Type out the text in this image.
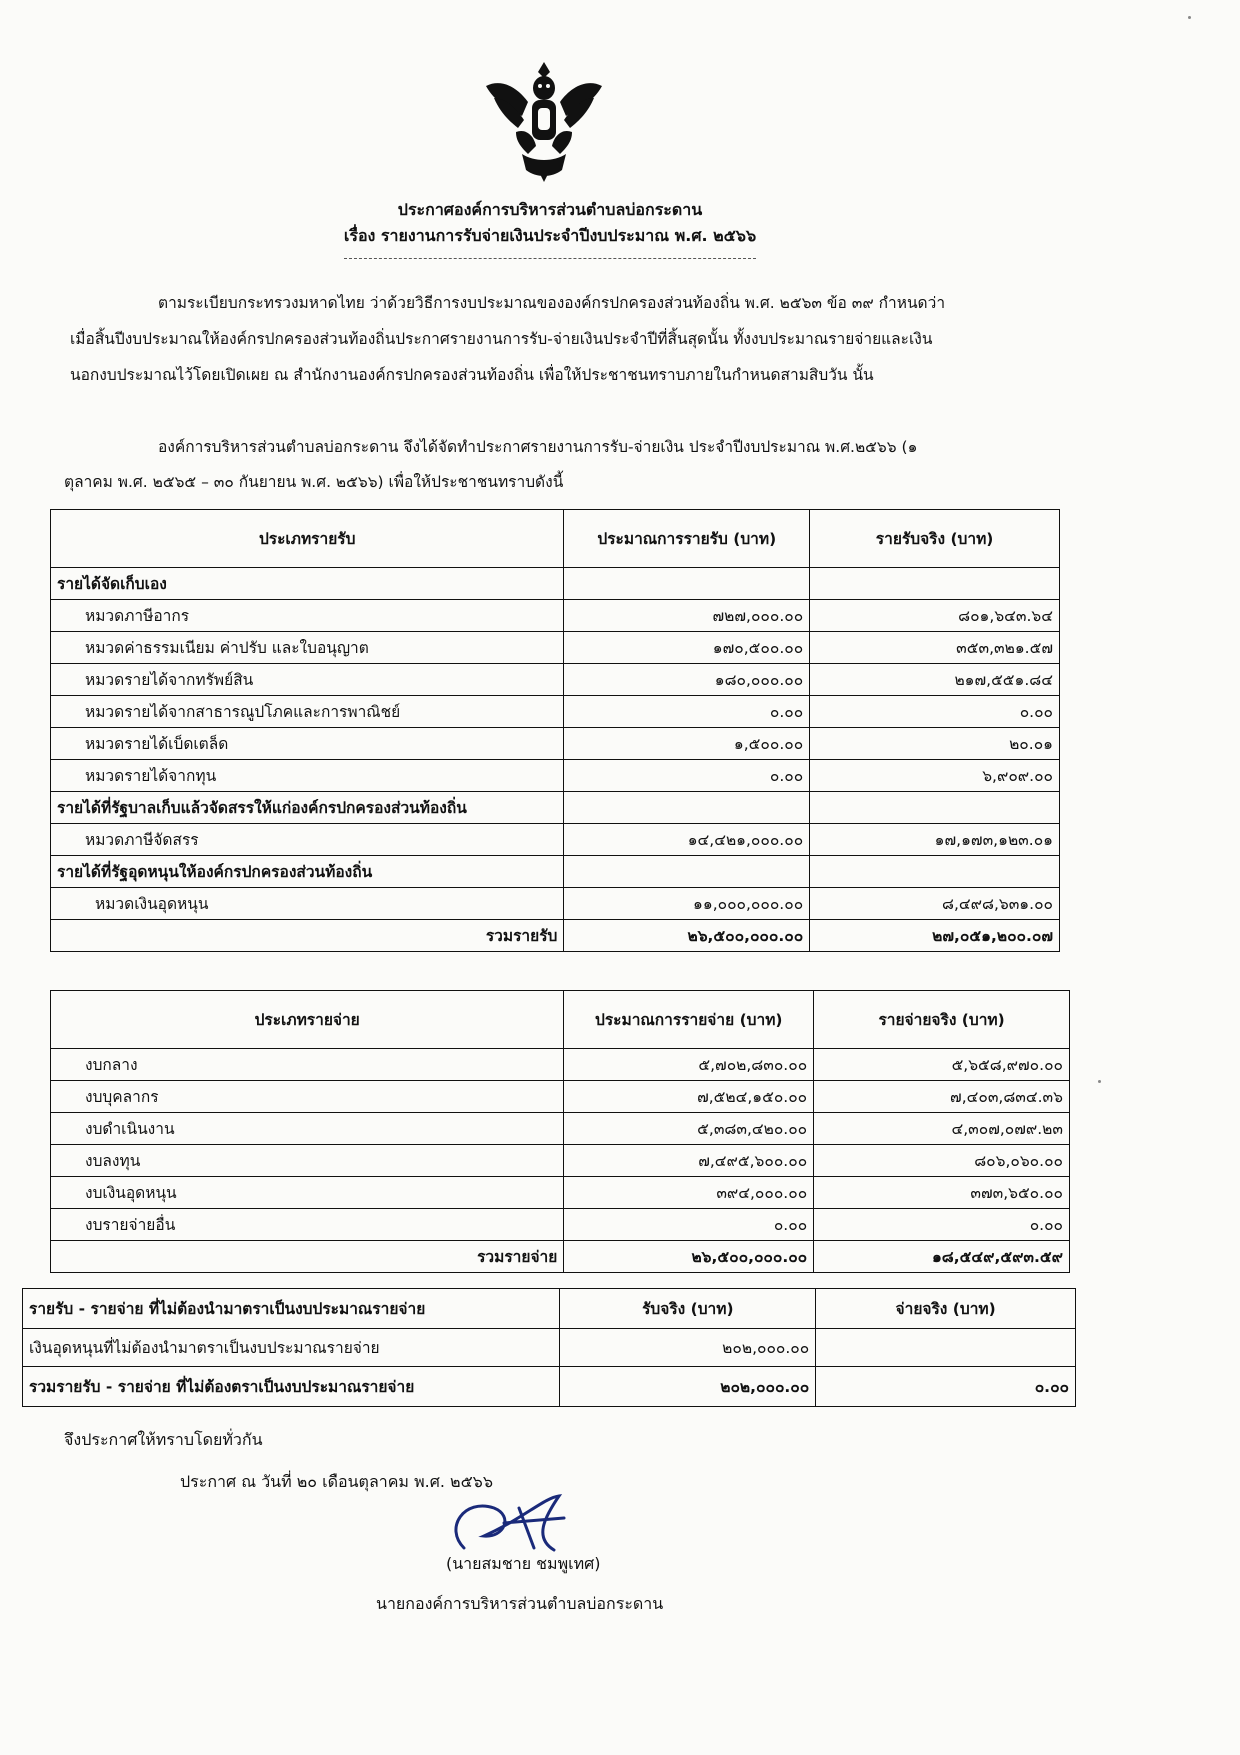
ประกาศองค์การบริหารส่วนตำบลบ่อกระดาน
เรื่อง รายงานการรับจ่ายเงินประจำปีงบประมาณ พ.ศ. ๒๕๖๖
ตามระเบียบกระทรวงมหาดไทย ว่าด้วยวิธีการงบประมาณขององค์กรปกครองส่วนท้องถิ่น พ.ศ. ๒๕๖๓ ข้อ ๓๙ กำหนดว่า
เมื่อสิ้นปีงบประมาณให้องค์กรปกครองส่วนท้องถิ่นประกาศรายงานการรับ-จ่ายเงินประจำปีที่สิ้นสุดนั้น ทั้งงบประมาณรายจ่ายและเงิน
นอกงบประมาณไว้โดยเปิดเผย ณ สำนักงานองค์กรปกครองส่วนท้องถิ่น เพื่อให้ประชาชนทราบภายในกำหนดสามสิบวัน นั้น
องค์การบริหารส่วนตำบลบ่อกระดาน จึงได้จัดทำประกาศรายงานการรับ-จ่ายเงิน ประจำปีงบประมาณ พ.ศ.๒๕๖๖ (๑
ตุลาคม พ.ศ. ๒๕๖๕ – ๓๐ กันยายน พ.ศ. ๒๕๖๖) เพื่อให้ประชาชนทราบดังนี้
ประเภทรายรับ	ประมาณการรายรับ (บาท)	รายรับจริง (บาท)
รายได้จัดเก็บเอง		
หมวดภาษีอากร	๗๒๗,๐๐๐.๐๐	๘๐๑,๖๔๓.๖๔
หมวดค่าธรรมเนียม ค่าปรับ และใบอนุญาต	๑๗๐,๕๐๐.๐๐	๓๕๓,๓๒๑.๕๗
หมวดรายได้จากทรัพย์สิน	๑๘๐,๐๐๐.๐๐	๒๑๗,๕๕๑.๘๔
หมวดรายได้จากสาธารณูปโภคและการพาณิชย์	๐.๐๐	๐.๐๐
หมวดรายได้เบ็ดเตล็ด	๑,๕๐๐.๐๐	๒๐.๐๑
หมวดรายได้จากทุน	๐.๐๐	๖,๙๐๙.๐๐
รายได้ที่รัฐบาลเก็บแล้วจัดสรรให้แก่องค์กรปกครองส่วนท้องถิ่น		
หมวดภาษีจัดสรร	๑๔,๔๒๑,๐๐๐.๐๐	๑๗,๑๗๓,๑๒๓.๐๑
รายได้ที่รัฐอุดหนุนให้องค์กรปกครองส่วนท้องถิ่น		
หมวดเงินอุดหนุน	๑๑,๐๐๐,๐๐๐.๐๐	๘,๔๙๘,๖๓๑.๐๐
รวมรายรับ	๒๖,๕๐๐,๐๐๐.๐๐	๒๗,๐๕๑,๒๐๐.๐๗
ประเภทรายจ่าย	ประมาณการรายจ่าย (บาท)	รายจ่ายจริง (บาท)
งบกลาง	๕,๗๐๒,๘๓๐.๐๐	๕,๖๕๘,๙๗๐.๐๐
งบบุคลากร	๗,๕๒๔,๑๕๐.๐๐	๗,๔๐๓,๘๓๔.๓๖
งบดำเนินงาน	๕,๓๘๓,๔๒๐.๐๐	๔,๓๐๗,๐๗๙.๒๓
งบลงทุน	๗,๔๙๕,๖๐๐.๐๐	๘๐๖,๐๖๐.๐๐
งบเงินอุดหนุน	๓๙๔,๐๐๐.๐๐	๓๗๓,๖๕๐.๐๐
งบรายจ่ายอื่น	๐.๐๐	๐.๐๐
รวมรายจ่าย	๒๖,๕๐๐,๐๐๐.๐๐	๑๘,๕๔๙,๕๙๓.๕๙
รายรับ - รายจ่าย ที่ไม่ต้องนำมาตราเป็นงบประมาณรายจ่าย	รับจริง (บาท)	จ่ายจริง (บาท)
เงินอุดหนุนที่ไม่ต้องนำมาตราเป็นงบประมาณรายจ่าย	๒๐๒,๐๐๐.๐๐	
รวมรายรับ - รายจ่าย ที่ไม่ต้องตราเป็นงบประมาณรายจ่าย	๒๐๒,๐๐๐.๐๐	๐.๐๐
จึงประกาศให้ทราบโดยทั่วกัน
ประกาศ ณ วันที่ ๒๐ เดือนตุลาคม พ.ศ. ๒๕๖๖
(นายสมชาย ชมพูเทศ)
นายกองค์การบริหารส่วนตำบลบ่อกระดาน
